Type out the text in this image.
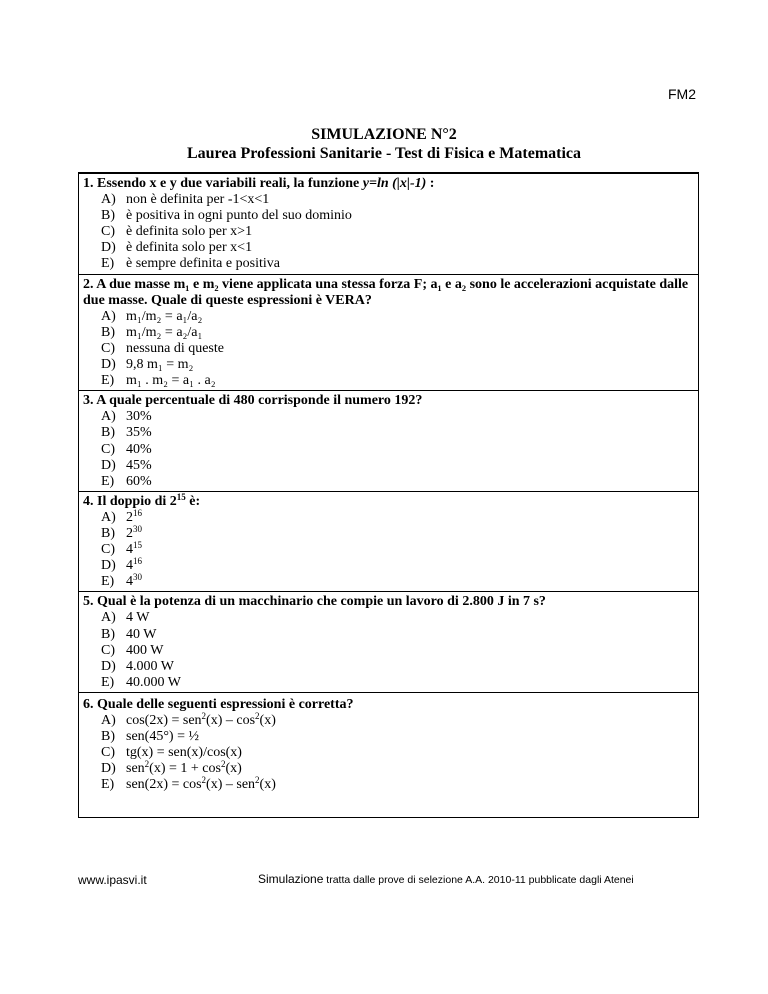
FM2
SIMULAZIONE N°2
Laurea Professioni Sanitarie - Test di Fisica e Matematica
1. Essendo x e y due variabili reali, la funzione y=ln (|x|-1) :
A) non è definita per -1<x<1
B) è positiva in ogni punto del suo dominio
C) è definita solo per x>1
D) è definita solo per x<1
E) è sempre definita e positiva
2. A due masse m₁ e m₂ viene applicata una stessa forza F; a₁ e a₂ sono le accelerazioni acquistate dalle due masse. Quale di queste espressioni è VERA?
A) m₁/m₂ = a₁/a₂
B) m₁/m₂ = a₂/a₁
C) nessuna di queste
D) 9,8 m₁ = m₂
E) m₁ . m₂ = a₁ . a₂
3. A quale percentuale di 480 corrisponde il numero 192?
A) 30%
B) 35%
C) 40%
D) 45%
E) 60%
4. Il doppio di $2^{15}$ è:
A) $2^{16}$
B) $2^{30}$
C) $4^{15}$
D) $4^{16}$
E) $4^{30}$
5. Qual è la potenza di un macchinario che compie un lavoro di 2.800 J in 7 s?
A) 4 W
B) 40 W
C) 400 W
D) 4.000 W
E) 40.000 W
6. Quale delle seguenti espressioni è corretta?
A) $\cos(2x) = sen^2(x) - \cos^2(x)$
B) sen(45°) = ½
C) tg(x) = sen(x)/cos(x)
D) $sen^2(x) = 1 + \cos^2(x)$
E) $sen(2x) = \cos^2(x) - sen^2(x)$
www.ipasvi.it	Simulazione tratta dalle prove di selezione A.A. 2010-11 pubblicate dagli Atenei
